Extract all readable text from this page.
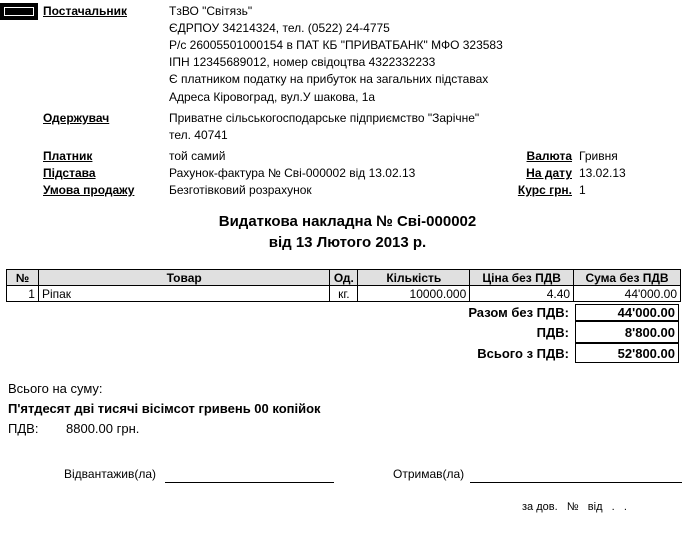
Постачальник	ТзВО "Світязь"
ЄДРПОУ 34214324, тел. (0522) 24-4775
Р/с 26005501000154 в ПАТ КБ "ПРИВАТБАНК" МФО 323583
ІПН 12345689012, номер свідоцтва 4322332233
Є платником податку на прибуток на загальних підставах
Адреса Кіровоград, вул.У шакова, 1а
Одержувач	Приватне сільськогосподарське підприємство "Зарічне"
тел. 40741
Платник	той самий
Підстава	Рахунок-фактура № Сві-000002 від 13.02.13
Умова продажу	Безготівковий розрахунок
Валюта Гривня
На дату 13.02.13
Курс грн. 1
Видаткова накладна № Сві-000002
від 13 Лютого 2013 р.
№	Товар	Од.	Кількість	Ціна без ПДВ	Сума без ПДВ
1	Ріпак	кг.	10000.000	4.40	44'000.00
Разом без ПДВ:	44'000.00
ПДВ:	8'800.00
Всього з ПДВ:	52'800.00
Всього на суму:
П'ятдесят дві тисячі вісімсот гривень 00 копійок
ПДВ: 8800.00 грн.
Відвантажив(ла)	Отримав(ла)
за дов.   №   від   .   .
